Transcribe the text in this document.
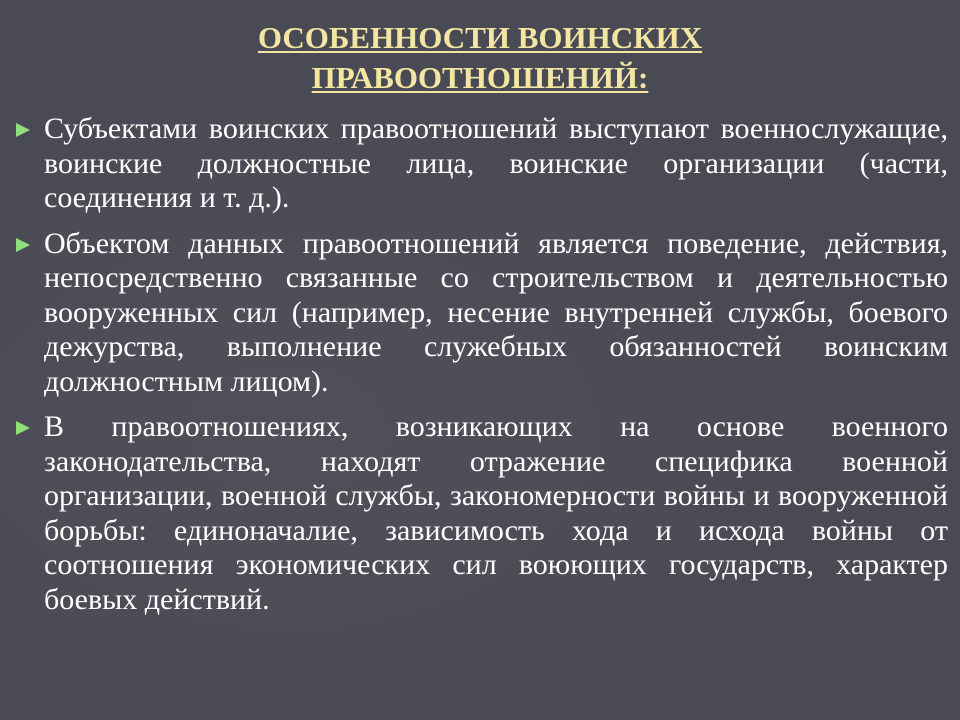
ОСОБЕННОСТИ ВОИНСКИХ
ПРАВООТНОШЕНИЙ:
Субъектами воинских правоотношений выступают военнослужащие, воинские должностные лица, воинские организации (части, соединения и т. д.).
Объектом данных правоотношений является поведение, действия, непосредственно связанные со строительством и деятельностью вооруженных сил (например, несение внутренней службы, боевого дежурства, выполнение служебных обязанностей воинским должностным лицом).
В правоотношениях, возникающих на основе военного законодательства, находят отражение специфика военной организации, военной службы, закономерности войны и вооруженной борьбы: единоначалие, зависимость хода и исхода войны от соотношения экономических сил воюющих государств, характер боевых действий.
